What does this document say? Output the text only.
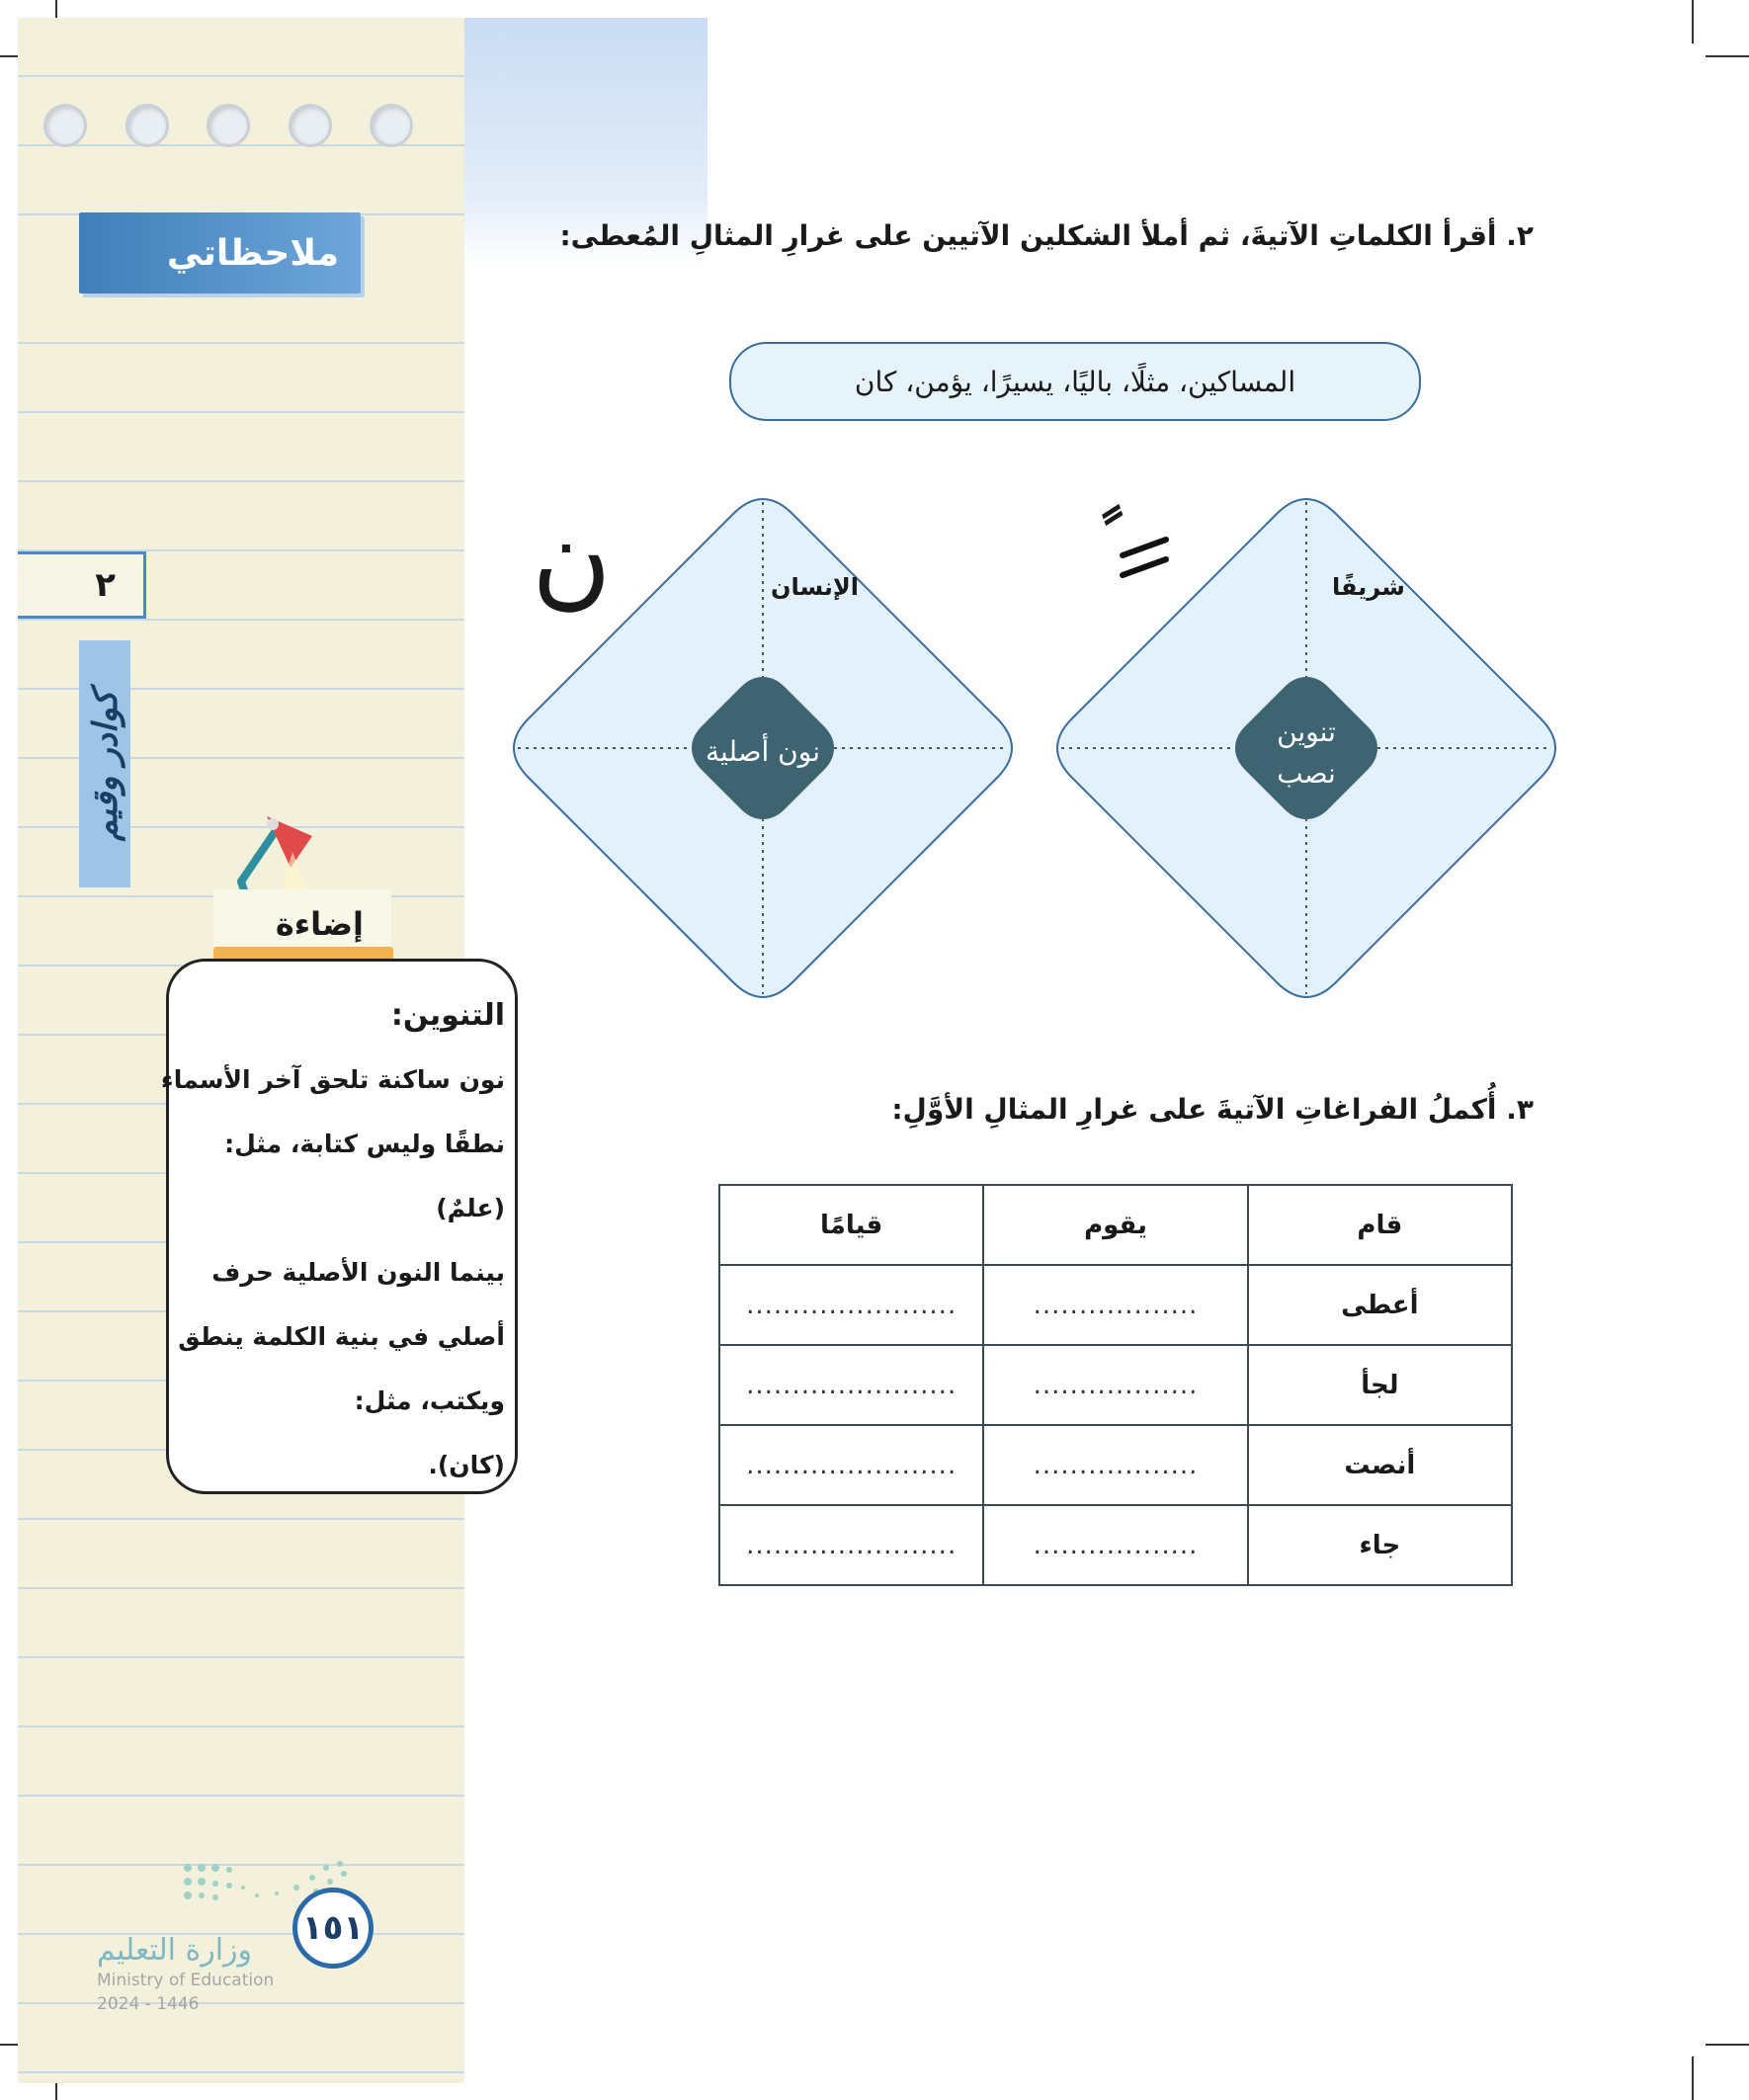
ملاحظاتي
٢
كوادر وقيم
إضاءة
التنوين:
نون ساكنة تلحق آخر الأسماء
نطقًا وليس كتابة، مثل:
(علمٌ)
بينما النون الأصلية حرف
أصلي في بنية الكلمة ينطق
ويكتب، مثل:
(كان).
٢. أقرأ الكلماتِ الآتيةَ، ثم أملأ الشكلين الآتيين على غرارِ المثالِ المُعطى:
المساكين، مثلًا، باليًا، يسيرًا، يؤمن، كان
الإنسان	شريفًا
نون أصلية
تنوين
نصب
ن	ً
٣. أُكملُ الفراغاتِ الآتيةَ على غرارِ المثالِ الأوَّلِ:
قام	يقوم	قيامًا
أعطى	..................	.......................
لجأ	..................	.......................
أنصت	..................	.......................
جاء	..................	.......................
١٥١
وزارة التعليم
Ministry of Education
2024 - 1446
